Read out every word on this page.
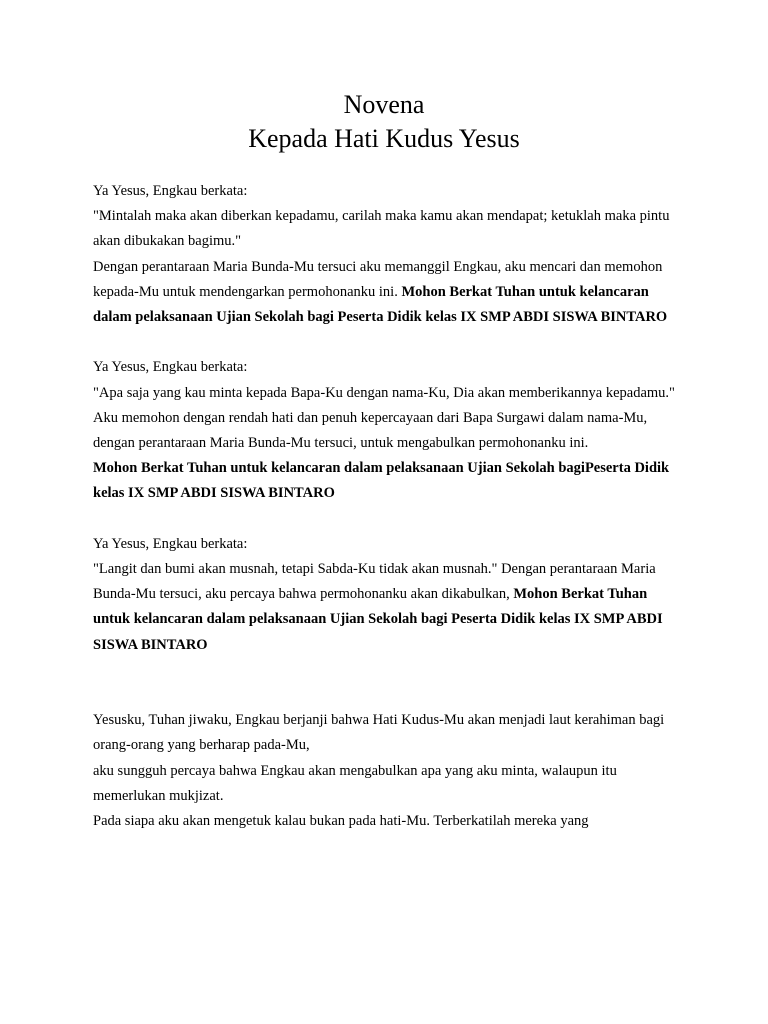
Novena

Kepada Hati Kudus Yesus

Ya Yesus, Engkau berkata:

"Mintalah maka akan diberkan kepadamu, carilah maka kamu akan mendapat; ketuklah maka pintu akan dibukakan bagimu."

Dengan perantaraan Maria Bunda-Mu tersuci aku memanggil Engkau, aku mencari dan memohon kepada-Mu untuk mendengarkan permohonanku ini. Mohon Berkat Tuhan untuk kelancaran dalam pelaksanaan Ujian Sekolah bagi Peserta Didik kelas IX SMP ABDI SISWA BINTARO

Ya Yesus, Engkau berkata:

"Apa saja yang kau minta kepada Bapa-Ku dengan nama-Ku, Dia akan memberikannya kepadamu."

Aku memohon dengan rendah hati dan penuh kepercayaan dari Bapa Surgawi dalam nama-Mu,

dengan perantaraan Maria Bunda-Mu tersuci, untuk mengabulkan permohonanku ini.

Mohon Berkat Tuhan untuk kelancaran dalam pelaksanaan Ujian Sekolah bagiPeserta Didik kelas IX SMP ABDI SISWA BINTARO

Ya Yesus, Engkau berkata:

"Langit dan bumi akan musnah, tetapi Sabda-Ku tidak akan musnah." Dengan perantaraan Maria Bunda-Mu tersuci, aku percaya bahwa permohonanku akan dikabulkan, Mohon Berkat Tuhan untuk kelancaran dalam pelaksanaan Ujian Sekolah bagi Peserta Didik kelas IX SMP ABDI SISWA BINTARO

Yesusku, Tuhan jiwaku, Engkau berjanji bahwa Hati Kudus-Mu akan menjadi laut kerahiman bagi orang-orang yang berharap pada-Mu,

aku sungguh percaya bahwa Engkau akan mengabulkan apa yang aku minta, walaupun itu memerlukan mukjizat.

Pada siapa aku akan mengetuk kalau bukan pada hati-Mu. Terberkatilah mereka yang
